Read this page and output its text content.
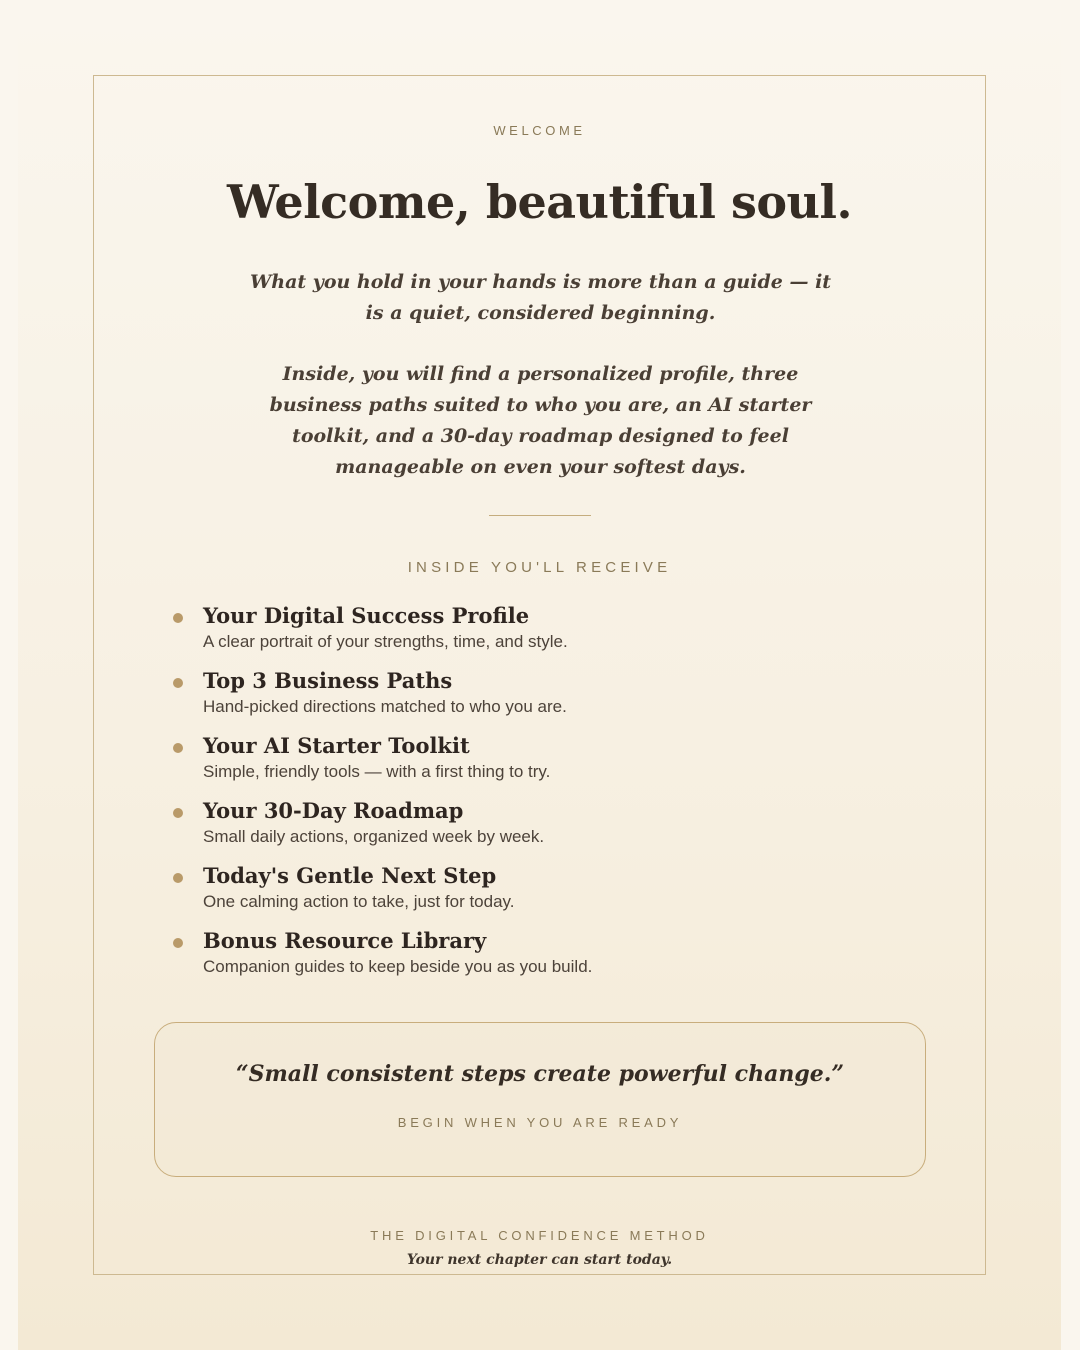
WELCOME
Welcome, beautiful soul.

What you hold in your hands is more than a guide — it is a quiet, considered beginning.

Inside, you will find a personalized profile, three business paths suited to who you are, an AI starter toolkit, and a 30-day roadmap designed to feel manageable on even your softest days.

INSIDE YOU'LL RECEIVE
Your Digital Success Profile
A clear portrait of your strengths, time, and style.
Top 3 Business Paths
Hand-picked directions matched to who you are.
Your AI Starter Toolkit
Simple, friendly tools — with a first thing to try.
Your 30-Day Roadmap
Small daily actions, organized week by week.
Today's Gentle Next Step
One calming action to take, just for today.
Bonus Resource Library
Companion guides to keep beside you as you build.
“Small consistent steps create powerful change.”
BEGIN WHEN YOU ARE READY
THE DIGITAL CONFIDENCE METHOD
Your next chapter can start today.
